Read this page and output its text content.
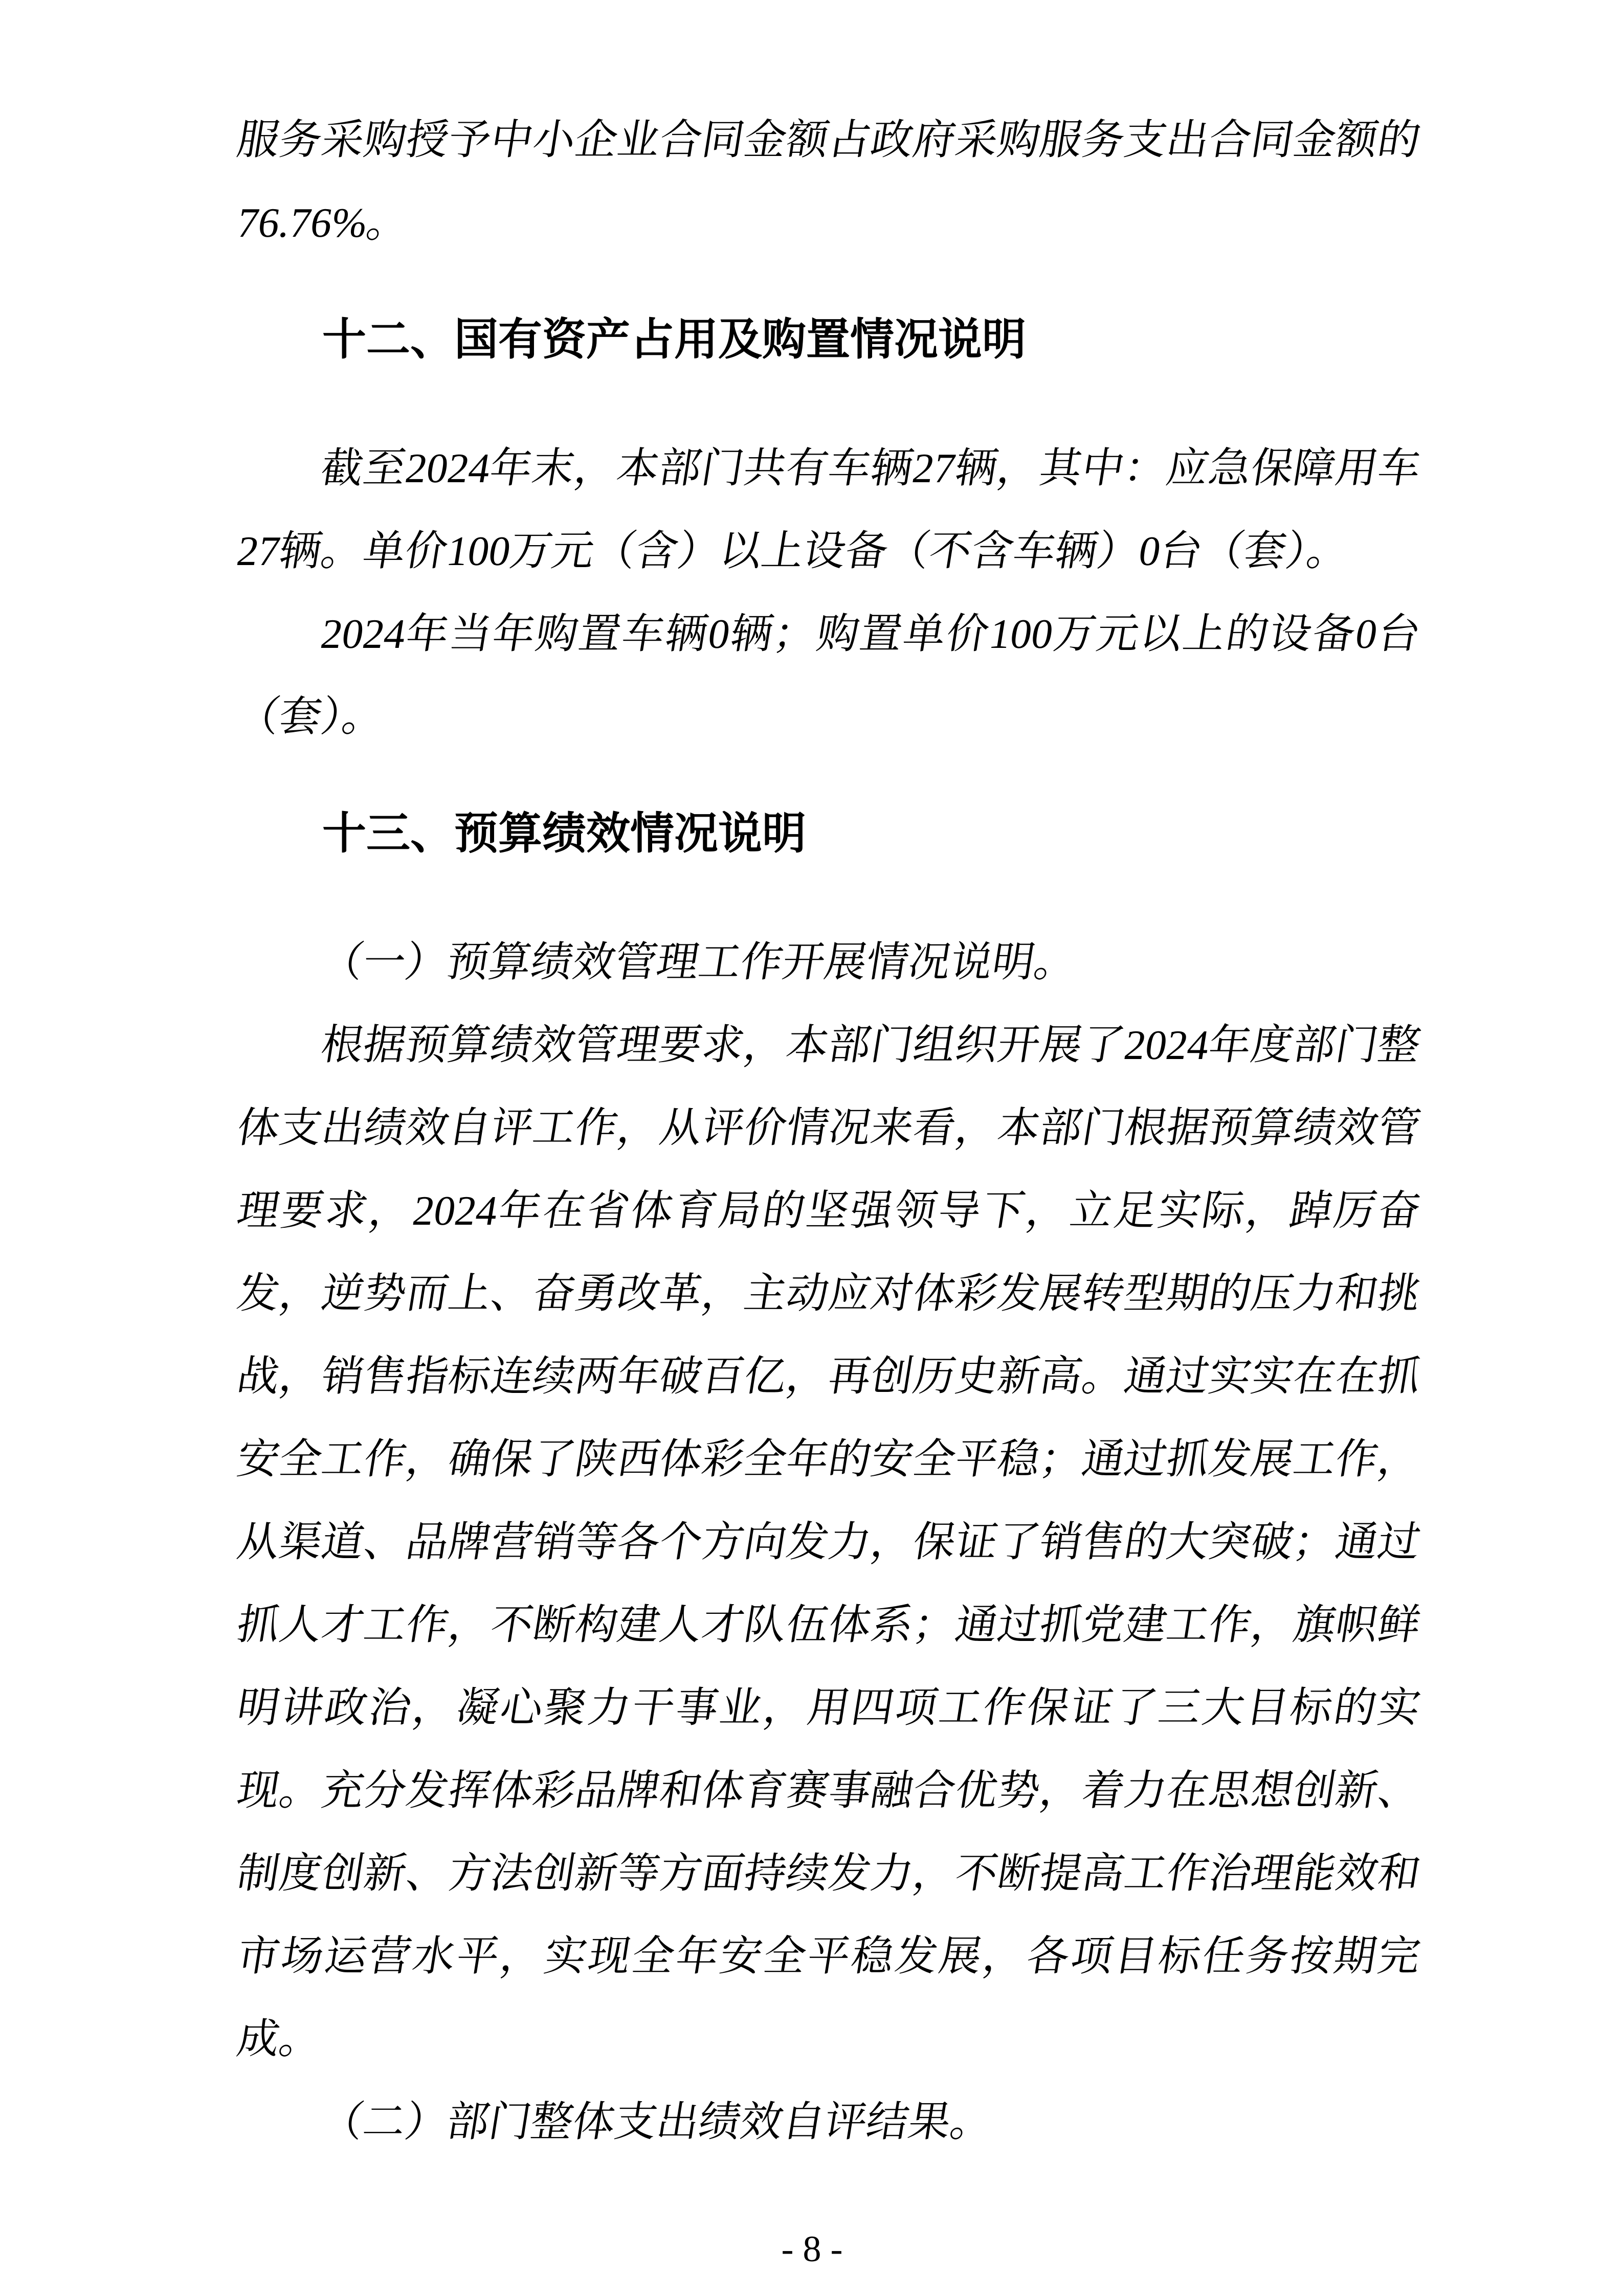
服务采购授予中小企业合同金额占政府采购服务支出合同金额的
76.76%。
十二、国有资产占用及购置情况说明
截至2024年末，本部门共有车辆27辆，其中：应急保障用车
27辆。单价100万元（含）以上设备（不含车辆）0台（套）。
2024年当年购置车辆0辆；购置单价100万元以上的设备0台
（套）。
十三、预算绩效情况说明
（一）预算绩效管理工作开展情况说明。
根据预算绩效管理要求，本部门组织开展了2024年度部门整
体支出绩效自评工作，从评价情况来看，本部门根据预算绩效管
理要求，2024年在省体育局的坚强领导下，立足实际，踔厉奋
发，逆势而上、奋勇改革，主动应对体彩发展转型期的压力和挑
战，销售指标连续两年破百亿，再创历史新高。通过实实在在抓
安全工作，确保了陕西体彩全年的安全平稳；通过抓发展工作，
从渠道、品牌营销等各个方向发力，保证了销售的大突破；通过
抓人才工作，不断构建人才队伍体系；通过抓党建工作，旗帜鲜
明讲政治，凝心聚力干事业，用四项工作保证了三大目标的实
现。充分发挥体彩品牌和体育赛事融合优势，着力在思想创新、
制度创新、方法创新等方面持续发力，不断提高工作治理能效和
市场运营水平，实现全年安全平稳发展，各项目标任务按期完
成。
（二）部门整体支出绩效自评结果。
- 8 -
